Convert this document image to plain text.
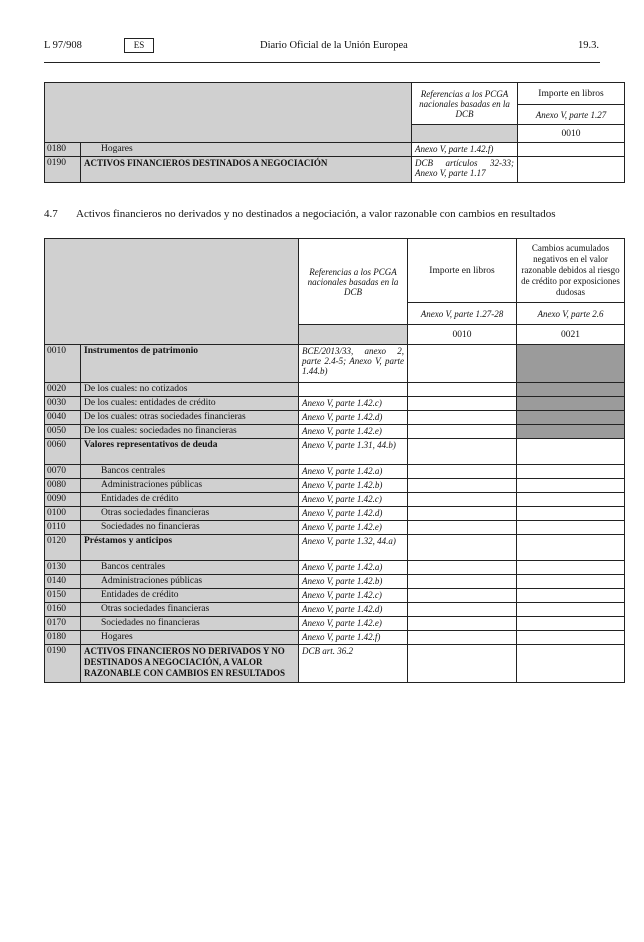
L 97/908	ES	Diario Oficial de la Unión Europea	19.3.
		Referencias a los PCGA nacionales basadas en la DCB	Importe en libros
			Anexo V, parte 1.27
			0010
0180	Hogares	Anexo V, parte 1.42.f)	
0190	ACTIVOS FINANCIEROS DESTINADOS A NEGOCIACIÓN	DCB artículos 32-33; Anexo V, parte 1.17	
4.7 Activos financieros no derivados y no destinados a negociación, a valor razonable con cambios en resultados
		Referencias a los PCGA nacionales basadas en la DCB	Importe en libros	Cambios acumulados negativos en el valor razonable debidos al riesgo de crédito por exposiciones dudosas
			Anexo V, parte 1.27-28	Anexo V, parte 2.6
			0010	0021
0010	Instrumentos de patrimonio	BCE/2013/33, anexo 2, parte 2.4-5; Anexo V, parte 1.44.b)		
0020	De los cuales: no cotizados			
0030	De los cuales: entidades de crédito	Anexo V, parte 1.42.c)		
0040	De los cuales: otras sociedades financieras	Anexo V, parte 1.42.d)		
0050	De los cuales: sociedades no financieras	Anexo V, parte 1.42.e)		
0060	Valores representativos de deuda	Anexo V, parte 1.31, 44.b)		
0070	Bancos centrales	Anexo V, parte 1.42.a)		
0080	Administraciones públicas	Anexo V, parte 1.42.b)		
0090	Entidades de crédito	Anexo V, parte 1.42.c)		
0100	Otras sociedades financieras	Anexo V, parte 1.42.d)		
0110	Sociedades no financieras	Anexo V, parte 1.42.e)		
0120	Préstamos y anticipos	Anexo V, parte 1.32, 44.a)		
0130	Bancos centrales	Anexo V, parte 1.42.a)		
0140	Administraciones públicas	Anexo V, parte 1.42.b)		
0150	Entidades de crédito	Anexo V, parte 1.42.c)		
0160	Otras sociedades financieras	Anexo V, parte 1.42.d)		
0170	Sociedades no financieras	Anexo V, parte 1.42.e)		
0180	Hogares	Anexo V, parte 1.42.f)		
0190	ACTIVOS FINANCIEROS NO DERIVADOS Y NO DESTINADOS A NEGOCIACIÓN, A VALOR RAZONABLE CON CAMBIOS EN RESULTADOS	DCB art. 36.2		
